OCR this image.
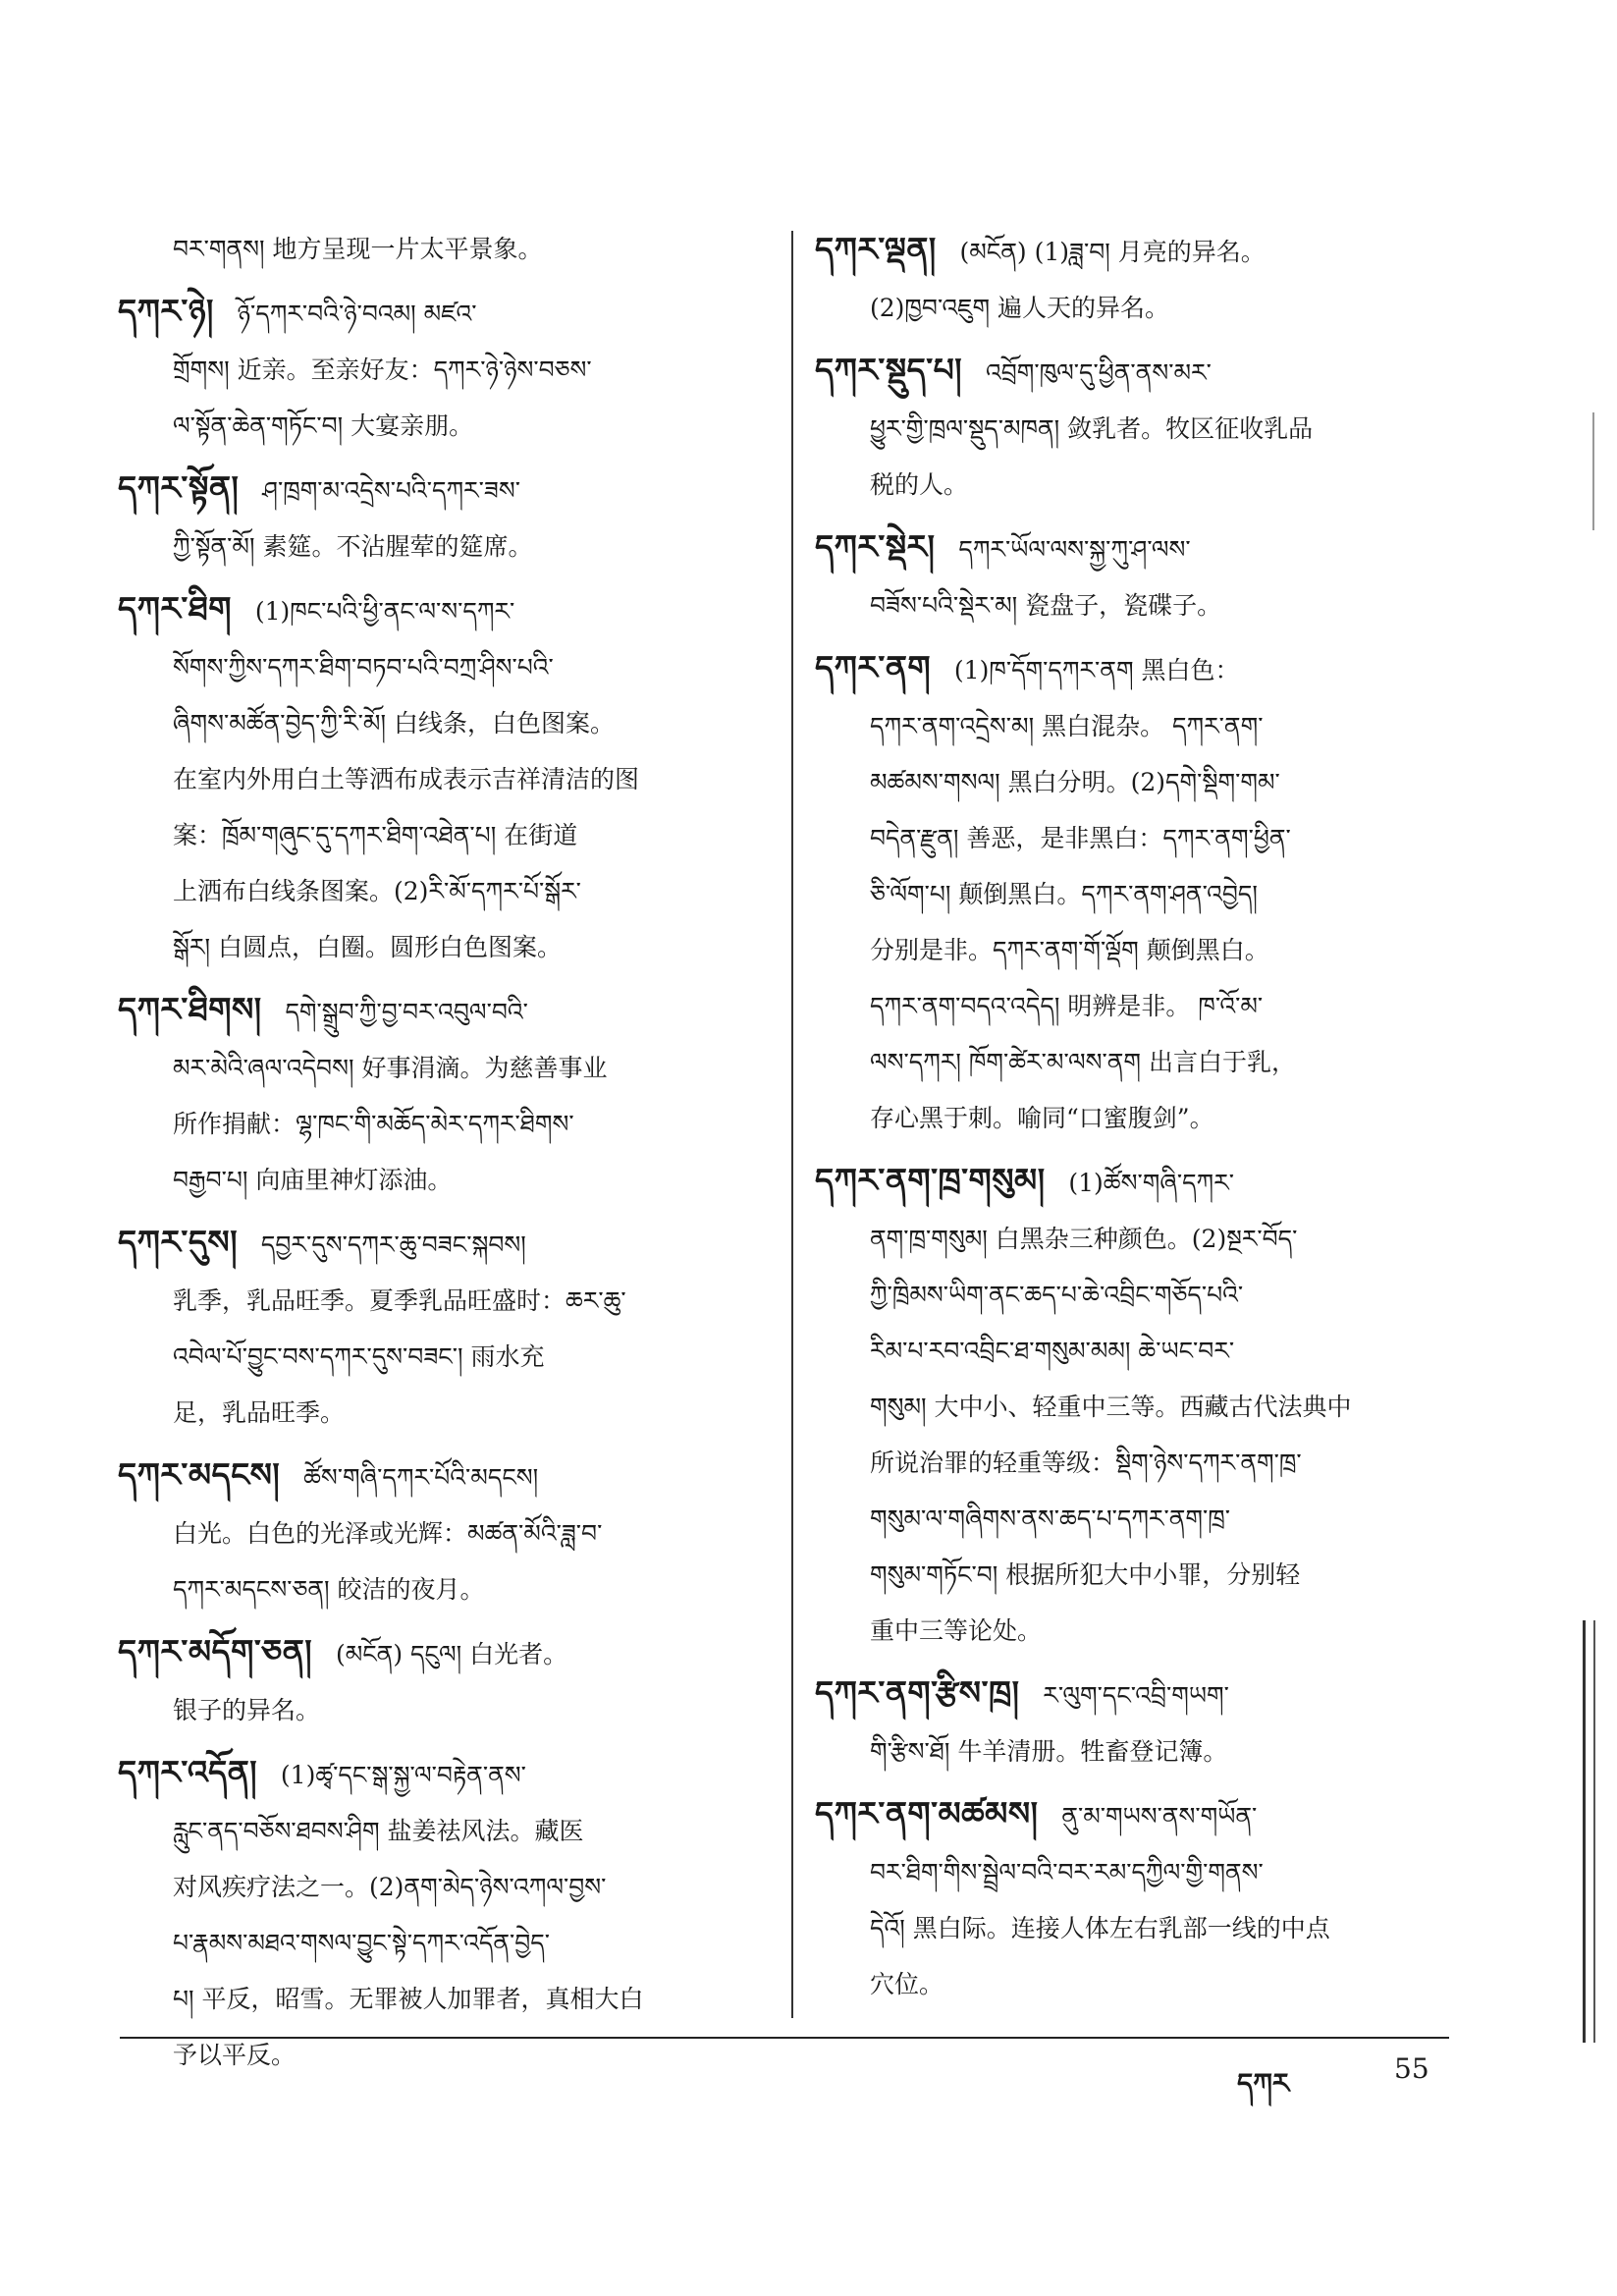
བར་གནས། 地方呈现一片太平景象。
དཀར་ཉེ། ཉོ་དཀར་བའི་ཉེ་བའམ། མཛའ་
གྲོགས། 近亲。至亲好友：དཀར་ཉེ་ཉེས་བཅས་
ལ་སྟོན་ཆེན་གཏོང་བ། 大宴亲朋。
དཀར་སྟོན། ཤ་ཁྲག་མ་འདྲེས་པའི་དཀར་ཟས་
ཀྱི་སྟོན་མོ། 素筵。不沾腥荤的筵席。
དཀར་ཐིག (1)ཁང་པའི་ཕྱི་ནང་ལ་ས་དཀར་
སོགས་ཀྱིས་དཀར་ཐིག་བཏབ་པའི་བཀྲ་ཤིས་པའི་
ཞིགས་མཚོན་བྱེད་ཀྱི་རི་མོ། 白线条，白色图案。
在室内外用白土等洒布成表示吉祥清洁的图
案：ཁྲོམ་གཞུང་དུ་དཀར་ཐིག་འཐེན་པ། 在街道
上洒布白线条图案。(2)རི་མོ་དཀར་པོ་སྒོར་
སྒོར། 白圆点，白圈。圆形白色图案。
དཀར་ཐིགས། དགེ་སྒྲུབ་ཀྱི་བྱ་བར་འབུལ་བའི་
མར་མེའི་ཞལ་འདེབས། 好事涓滴。为慈善事业
所作捐献：ལྷ་ཁང་གི་མཆོད་མེར་དཀར་ཐིགས་
བརྒྱབ་པ། 向庙里神灯添油。
དཀར་དུས། དབྱར་དུས་དཀར་ཆུ་བཟང་སྐབས།
乳季，乳品旺季。夏季乳品旺盛时：ཆར་ཆུ་
འབེལ་པོ་བྱུང་བས་དཀར་དུས་བཟང་། 雨水充
足，乳品旺季。
དཀར་མདངས། ཚོས་གཞི་དཀར་པོའི་མདངས།
白光。白色的光泽或光辉：མཚན་མོའི་ཟླ་བ་
དཀར་མདངས་ཅན། 皎洁的夜月。
དཀར་མདོག་ཅན། (མངོན) དངུལ། 白光者。
银子的异名。
དཀར་འདོན། (1)ཚྭ་དང་སྒ་སྐྱ་ལ་བརྟེན་ནས་
རླུང་ནད་བཅོས་ཐབས་ཤིག 盐姜祛风法。藏医
对风疾疗法之一。(2)ནག་མེད་ཉེས་འཀལ་བྱས་
པ་རྣམས་མཐའ་གསལ་བྱུང་སྟེ་དཀར་འདོན་བྱེད་
པ། 平反，昭雪。无罪被人加罪者，真相大白
予以平反。
དཀར་ལྡན། (མངོན) (1)ཟླ་བ། 月亮的异名。
(2)ཁྱབ་འཇུག 遍人天的异名。
དཀར་སྡུད་པ། འབྲོག་ཁུལ་དུ་ཕྱིན་ནས་མར་
ཕྱུར་གྱི་ཁྲལ་སྡུད་མཁན། 敛乳者。牧区征收乳品
税的人。
དཀར་སྡེར། དཀར་ཡོལ་ལས་སྐྱ་ཀུ་ཤ་ལས་
བཟོས་པའི་སྡེར་མ། 瓷盘子，瓷碟子。
དཀར་ནག (1)ཁ་དོག་དཀར་ནག 黑白色：
དཀར་ནག་འདྲེས་མ། 黑白混杂。 དཀར་ནག་
མཚམས་གསལ། 黑白分明。(2)དགེ་སྡིག་གམ་
བདེན་རྫུན། 善恶，是非黑白：དཀར་ནག་ཕྱིན་
ཅི་ལོག་པ། 颠倒黑白。དཀར་ནག་ཤན་འབྱེད།
分别是非。དཀར་ནག་གོ་ལྡོག 颠倒黑白。
དཀར་ནག་བདའ་འདེད། 明辨是非。 ཁ་འོ་མ་
ལས་དཀར། ཁོག་ཚེར་མ་ལས་ནག 出言白于乳，
存心黑于刺。喻同“口蜜腹剑”。
དཀར་ནག་ཁྲ་གསུམ། (1)ཚོས་གཞི་དཀར་
ནག་ཁྲ་གསུམ། 白黑杂三种颜色。(2)སྔར་བོད་
ཀྱི་ཁྲིམས་ཡིག་ནང་ཆད་པ་ཆེ་འབྲིང་གཅོད་པའི་
རིམ་པ་རབ་འབྲིང་ཐ་གསུམ་མམ། ཆེ་ཡང་བར་
གསུམ། 大中小、轻重中三等。西藏古代法典中
所说治罪的轻重等级：སྡིག་ཉེས་དཀར་ནག་ཁྲ་
གསུམ་ལ་གཞིགས་ནས་ཆད་པ་དཀར་ནག་ཁྲ་
གསུམ་གཏོང་བ། 根据所犯大中小罪，分别轻
重中三等论处。
དཀར་ནག་རྩིས་ཁྲ། ར་ལུག་དང་འབྲི་གཡག་
གི་རྩིས་ཐོ། 牛羊清册。牲畜登记簿。
དཀར་ནག་མཚམས། ནུ་མ་གཡས་ནས་གཡོན་
བར་ཐིག་གིས་སྦྲེལ་བའི་བར་རམ་དཀྱིལ་གྱི་གནས་
དེའོ། 黑白际。连接人体左右乳部一线的中点
穴位。
དཀར	55
